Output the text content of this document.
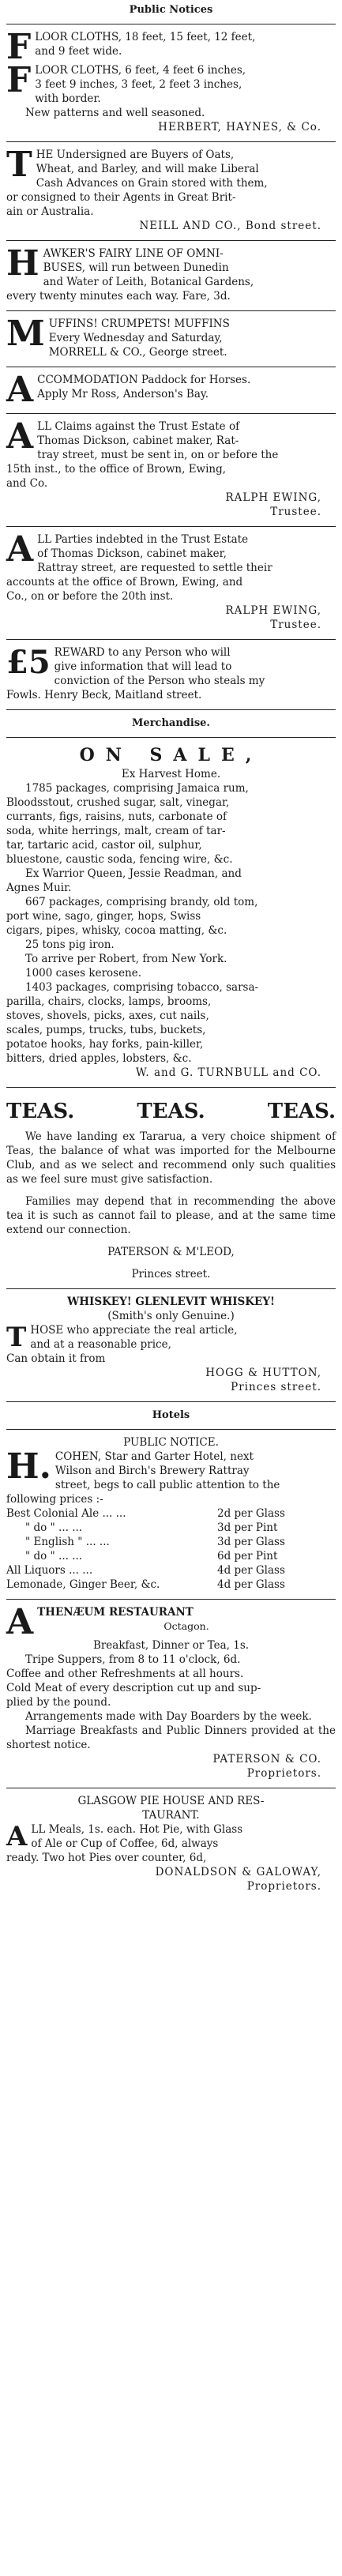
Public Notices
F LOOR CLOTHS, 18 feet, 15 feet, 12 feet,

and 9 feet wide.

F LOOR CLOTHS, 6 feet, 4 feet 6 inches,

3 feet 9 inches, 3 feet, 2 feet 3 inches,

with border.

New patterns and well seasoned.

HERBERT, HAYNES, & Co.

T HE Undersigned are Buyers of Oats,

Wheat, and Barley, and will make Liberal

Cash Advances on Grain stored with them,

or consigned to their Agents in Great Brit-

ain or Australia.

NEILL AND CO., Bond street.

H AWKER'S FAIRY LINE OF OMNI-

BUSES, will run between Dunedin

and Water of Leith, Botanical Gardens,

every twenty minutes each way. Fare, 3d.

M UFFINS! CRUMPETS! MUFFINS

Every Wednesday and Saturday,

MORRELL & CO., George street.

A CCOMMODATION Paddock for Horses.

Apply Mr Ross, Anderson's Bay.

A LL Claims against the Trust Estate of

Thomas Dickson, cabinet maker, Rat-

tray street, must be sent in, on or before the

15th inst., to the office of Brown, Ewing,

and Co.

RALPH EWING,

Trustee.

A LL Parties indebted in the Trust Estate

of Thomas Dickson, cabinet maker,

Rattray street, are requested to settle their

accounts at the office of Brown, Ewing, and

Co., on or before the 20th inst.

RALPH EWING,

Trustee.

£5 REWARD to any Person who will

give information that will lead to

conviction of the Person who steals my

Fowls. Henry Beck, Maitland street.

Merchandise.
ON SALE,

Ex Harvest Home.

1785 packages, comprising Jamaica rum,

Bloodsstout, crushed sugar, salt, vinegar,

currants, figs, raisins, nuts, carbonate of

soda, white herrings, malt, cream of tar-

tar, tartaric acid, castor oil, sulphur,

bluestone, caustic soda, fencing wire, &c.

Ex Warrior Queen, Jessie Readman, and

Agnes Muir.

667 packages, comprising brandy, old tom,

port wine, sago, ginger, hops, Swiss

cigars, pipes, whisky, cocoa matting, &c.

25 tons pig iron.

To arrive per Robert, from New York.

1000 cases kerosene.

1403 packages, comprising tobacco, sarsa-

parilla, chairs, clocks, lamps, brooms,

stoves, shovels, picks, axes, cut nails,

scales, pumps, trucks, tubs, buckets,

potatoe hooks, hay forks, pain-killer,

bitters, dried apples, lobsters, &c.

W. and G. TURNBULL and CO.

TEAS.	TEAS.	TEAS.

We have landing ex Tararua, a very choice shipment of Teas, the balance of what was imported for the Melbourne Club, and as we select and recommend only such qualities as we feel sure must give satisfaction.

Families may depend that in recommending the above tea it is such as cannot fail to please, and at the same time extend our connection.

PATERSON & M'LEOD,

Princes street.

WHISKEY! GLENLEVIT WHISKEY!

(Smith's only Genuine.)

T HOSE who appreciate the real article,

and at a reasonable price,

Can obtain it from

HOGG & HUTTON,

Princes street.

Hotels

PUBLIC NOTICE.

H. COHEN, Star and Garter Hotel, next

Wilson and Birch's Brewery Rattray

street, begs to call public attention to the

following prices :-

Best Colonial Ale ... ...	2d per Glass
" do " ... ...	3d per Pint
" English " ... ...	3d per Glass
" do " ... ...	6d per Pint
All Liquors ... ...	4d per Glass
Lemonade, Ginger Beer, &c.	4d per Glass
A THENÆUM RESTAURANT

Octagon.

Breakfast, Dinner or Tea, 1s.

Tripe Suppers, from 8 to 11 o'clock, 6d.

Coffee and other Refreshments at all hours.

Cold Meat of every description cut up and sup-

plied by the pound.

Arrangements made with Day Boarders by the week.

Marriage Breakfasts and Public Dinners provided at the shortest notice.

PATERSON & CO.

Proprietors.

GLASGOW PIE HOUSE AND RES-

TAURANT.

A LL Meals, 1s. each. Hot Pie, with Glass

of Ale or Cup of Coffee, 6d, always

ready. Two hot Pies over counter, 6d,

DONALDSON & GALOWAY,

Proprietors.
